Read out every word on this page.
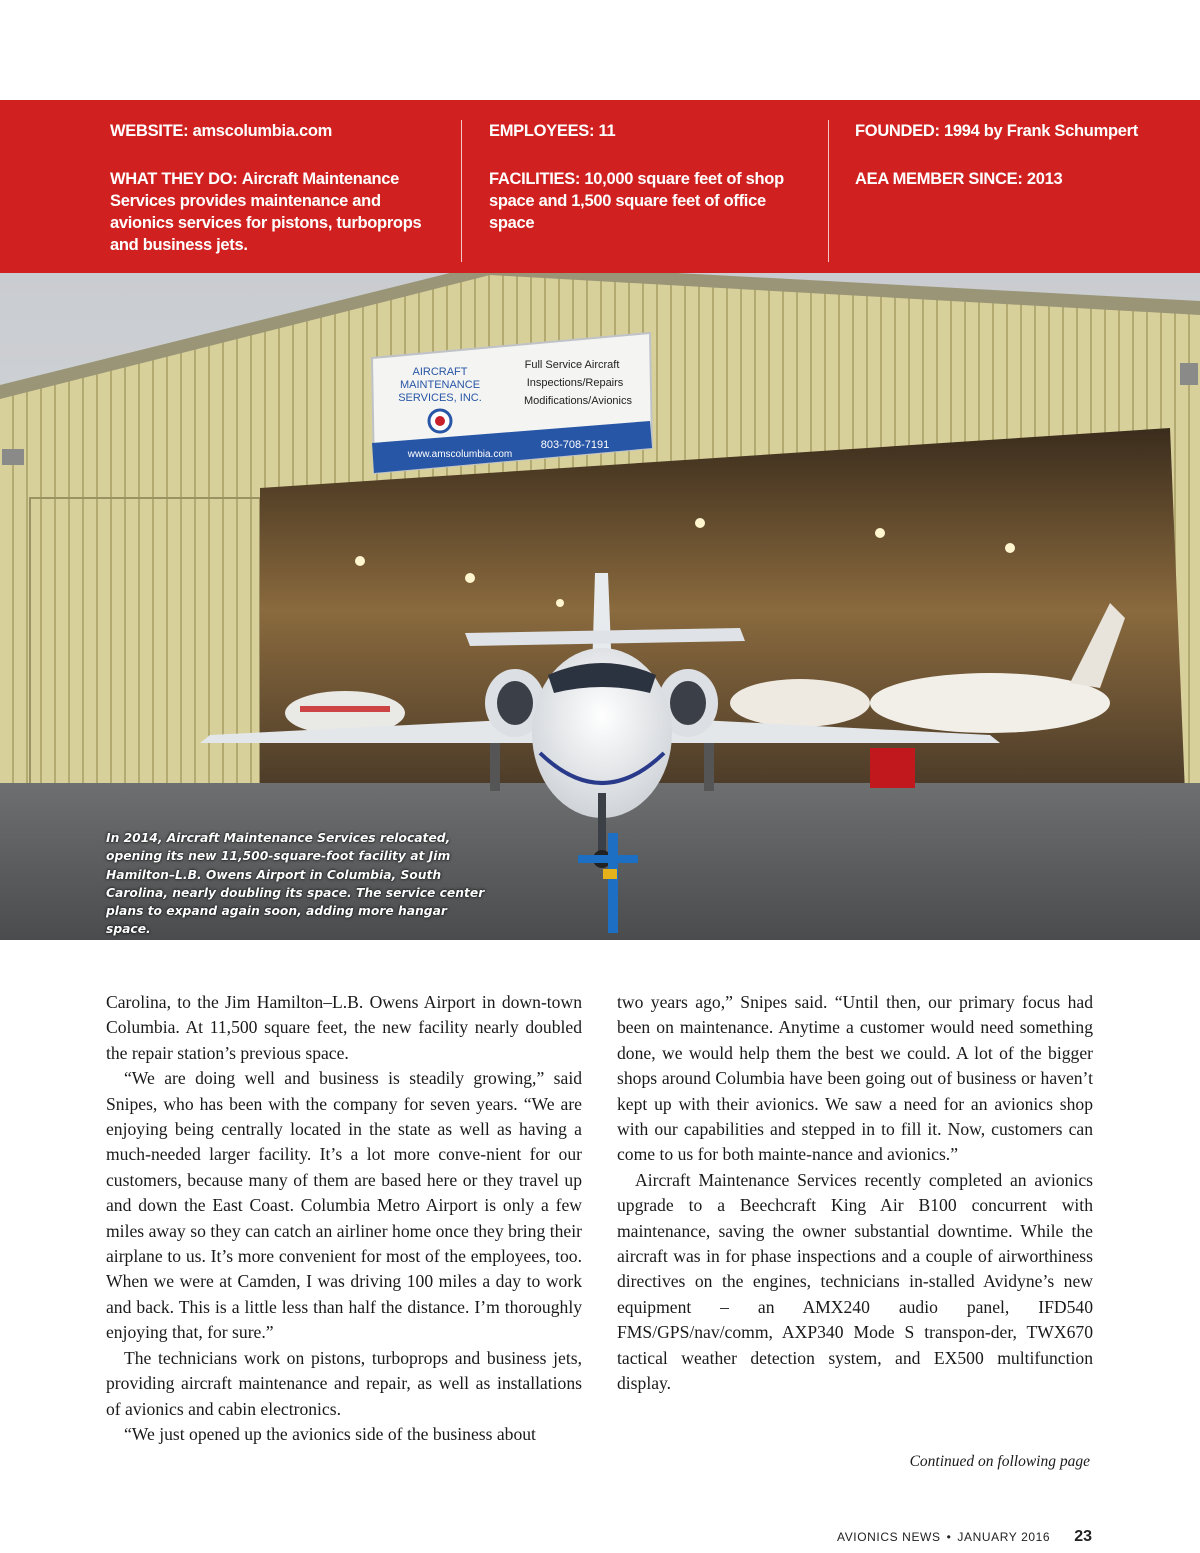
WEBSITE: amscolumbia.com
WHAT THEY DO: Aircraft Maintenance Services provides maintenance and avionics services for pistons, turboprops and business jets.
EMPLOYEES: 11
FACILITIES: 10,000 square feet of shop space and 1,500 square feet of office space
FOUNDED: 1994 by Frank Schumpert
AEA MEMBER SINCE: 2013
AIRCRAFT
MAINTENANCE
SERVICES, INC.
Full Service Aircraft
Inspections/Repairs
Modifications/Avionics
www.amscolumbia.com
803-708-7191
In 2014, Aircraft Maintenance Services relocated, opening its new 11,500-square-foot facility at Jim Hamilton–L.B. Owens Airport in Columbia, South Carolina, nearly doubling its space. The service center plans to expand again soon, adding more hangar space.

Carolina, to the Jim Hamilton–L.B. Owens Airport in down-town Columbia. At 11,500 square feet, the new facility nearly doubled the repair station’s previous space.

“We are doing well and business is steadily growing,” said Snipes, who has been with the company for seven years. “We are enjoying being centrally located in the state as well as having a much-needed larger facility. It’s a lot more conve-nient for our customers, because many of them are based here or they travel up and down the East Coast. Columbia Metro Airport is only a few miles away so they can catch an airliner home once they bring their airplane to us. It’s more convenient for most of the employees, too. When we were at Camden, I was driving 100 miles a day to work and back. This is a little less than half the distance. I’m thoroughly enjoying that, for sure.”

The technicians work on pistons, turboprops and business jets, providing aircraft maintenance and repair, as well as installations of avionics and cabin electronics.

“We just opened up the avionics side of the business about

two years ago,” Snipes said. “Until then, our primary focus had been on maintenance. Anytime a customer would need something done, we would help them the best we could. A lot of the bigger shops around Columbia have been going out of business or haven’t kept up with their avionics. We saw a need for an avionics shop with our capabilities and stepped in to fill it. Now, customers can come to us for both mainte-nance and avionics.”

Aircraft Maintenance Services recently completed an avionics upgrade to a Beechcraft King Air B100 concurrent with maintenance, saving the owner substantial downtime. While the aircraft was in for phase inspections and a couple of airworthiness directives on the engines, technicians in-stalled Avidyne’s new equipment – an AMX240 audio panel, IFD540 FMS/GPS/nav/comm, AXP340 Mode S transpon-der, TWX670 tactical weather detection system, and EX500 multifunction display.

Continued on following page
AVIONICS NEWS • JANUARY 2016 23
